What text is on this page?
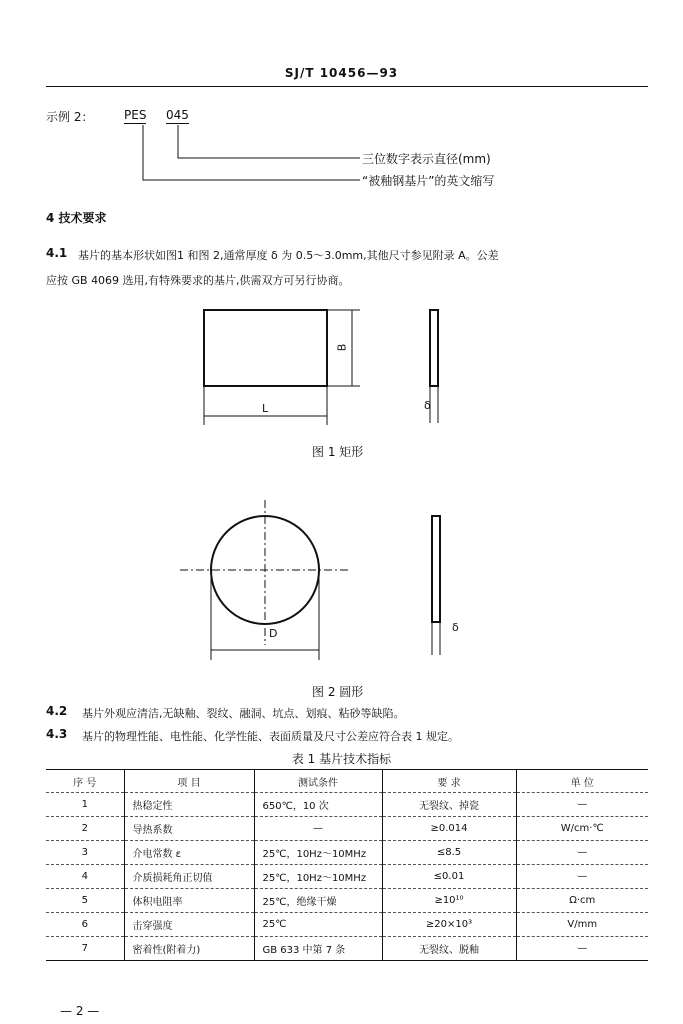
SJ/T 10456—93
示例 2：	PES 045
三位数字表示直径(mm)
“被釉钢基片”的英文缩写
4 技术要求
4.1 基片的基本形状如图1 和图 2,通常厚度 δ 为 0.5～3.0mm,其他尺寸参见附录 A。公差
应按 GB 4069 选用,有特殊要求的基片,供需双方可另行协商。
B
L	δ
图 1 矩形
D	δ
图 2 圆形
4.2 基片外观应清洁,无缺釉、裂纹、融洞、坑点、划痕、粘砂等缺陷。
4.3 基片的物理性能、电性能、化学性能、表面质量及尺寸公差应符合表 1 规定。
表 1 基片技术指标
序 号	项 目	测试条件	要 求	单 位
1	热稳定性	650℃，10 次	无裂纹、掉瓷	—
2	导热系数	—	≥0.014	W/cm·℃
3	介电常数 ε	25℃，10Hz～10MHz	≤8.5	—
4	介质损耗角正切值	25℃，10Hz～10MHz	≤0.01	—
5	体积电阻率	25℃，绝缘干燥	≥10¹⁰	Ω·cm
6	击穿强度	25℃	≥20×10³	V/mm
7	密着性(附着力)	GB 633 中第 7 条	无裂纹、脱釉	—
— 2 —
